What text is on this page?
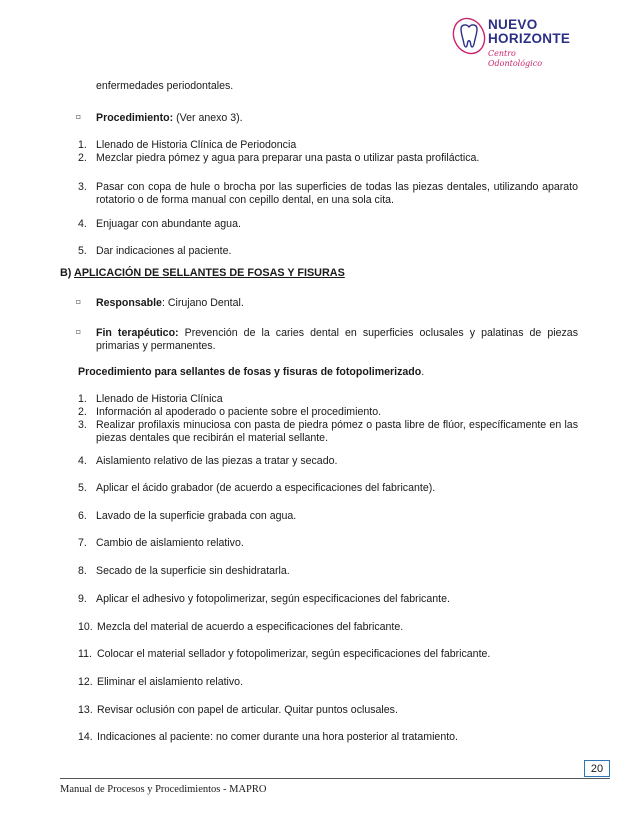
NUEVO
HORIZONTE
Centro Odontológico
enfermedades periodontales.
▫ Procedimiento: (Ver anexo 3).
1. Llenado de Historia Clínica de Periodoncia
2. Mezclar piedra pómez y agua para preparar una pasta o utilizar pasta profiláctica.
3. Pasar con copa de hule o brocha por las superficies de todas las piezas dentales, utilizando aparato rotatorio o de forma manual con cepillo dental, en una sola cita.
4. Enjuagar con abundante agua.
5. Dar indicaciones al paciente.
B) APLICACIÓN DE SELLANTES DE FOSAS Y FISURAS
▫ Responsable: Cirujano Dental.
▫ Fin terapéutico: Prevención de la caries dental en superficies oclusales y palatinas de piezas primarias y permanentes.
Procedimiento para sellantes de fosas y fisuras de fotopolimerizado.
1. Llenado de Historia Clínica
2. Información al apoderado o paciente sobre el procedimiento.
3. Realizar profilaxis minuciosa con pasta de piedra pómez o pasta libre de flúor, específicamente en las piezas dentales que recibirán el material sellante.
4. Aislamiento relativo de las piezas a tratar y secado.
5. Aplicar el ácido grabador (de acuerdo a especificaciones del fabricante).
6. Lavado de la superficie grabada con agua.
7. Cambio de aislamiento relativo.
8. Secado de la superficie sin deshidratarla.
9. Aplicar el adhesivo y fotopolimerizar, según especificaciones del fabricante.
10. Mezcla del material de acuerdo a especificaciones del fabricante.
11. Colocar el material sellador y fotopolimerizar, según especificaciones del fabricante.
12. Eliminar el aislamiento relativo.
13. Revisar oclusión con papel de articular. Quitar puntos oclusales.
14. Indicaciones al paciente: no comer durante una hora posterior al tratamiento.
20
Manual de Procesos y Procedimientos - MAPRO
